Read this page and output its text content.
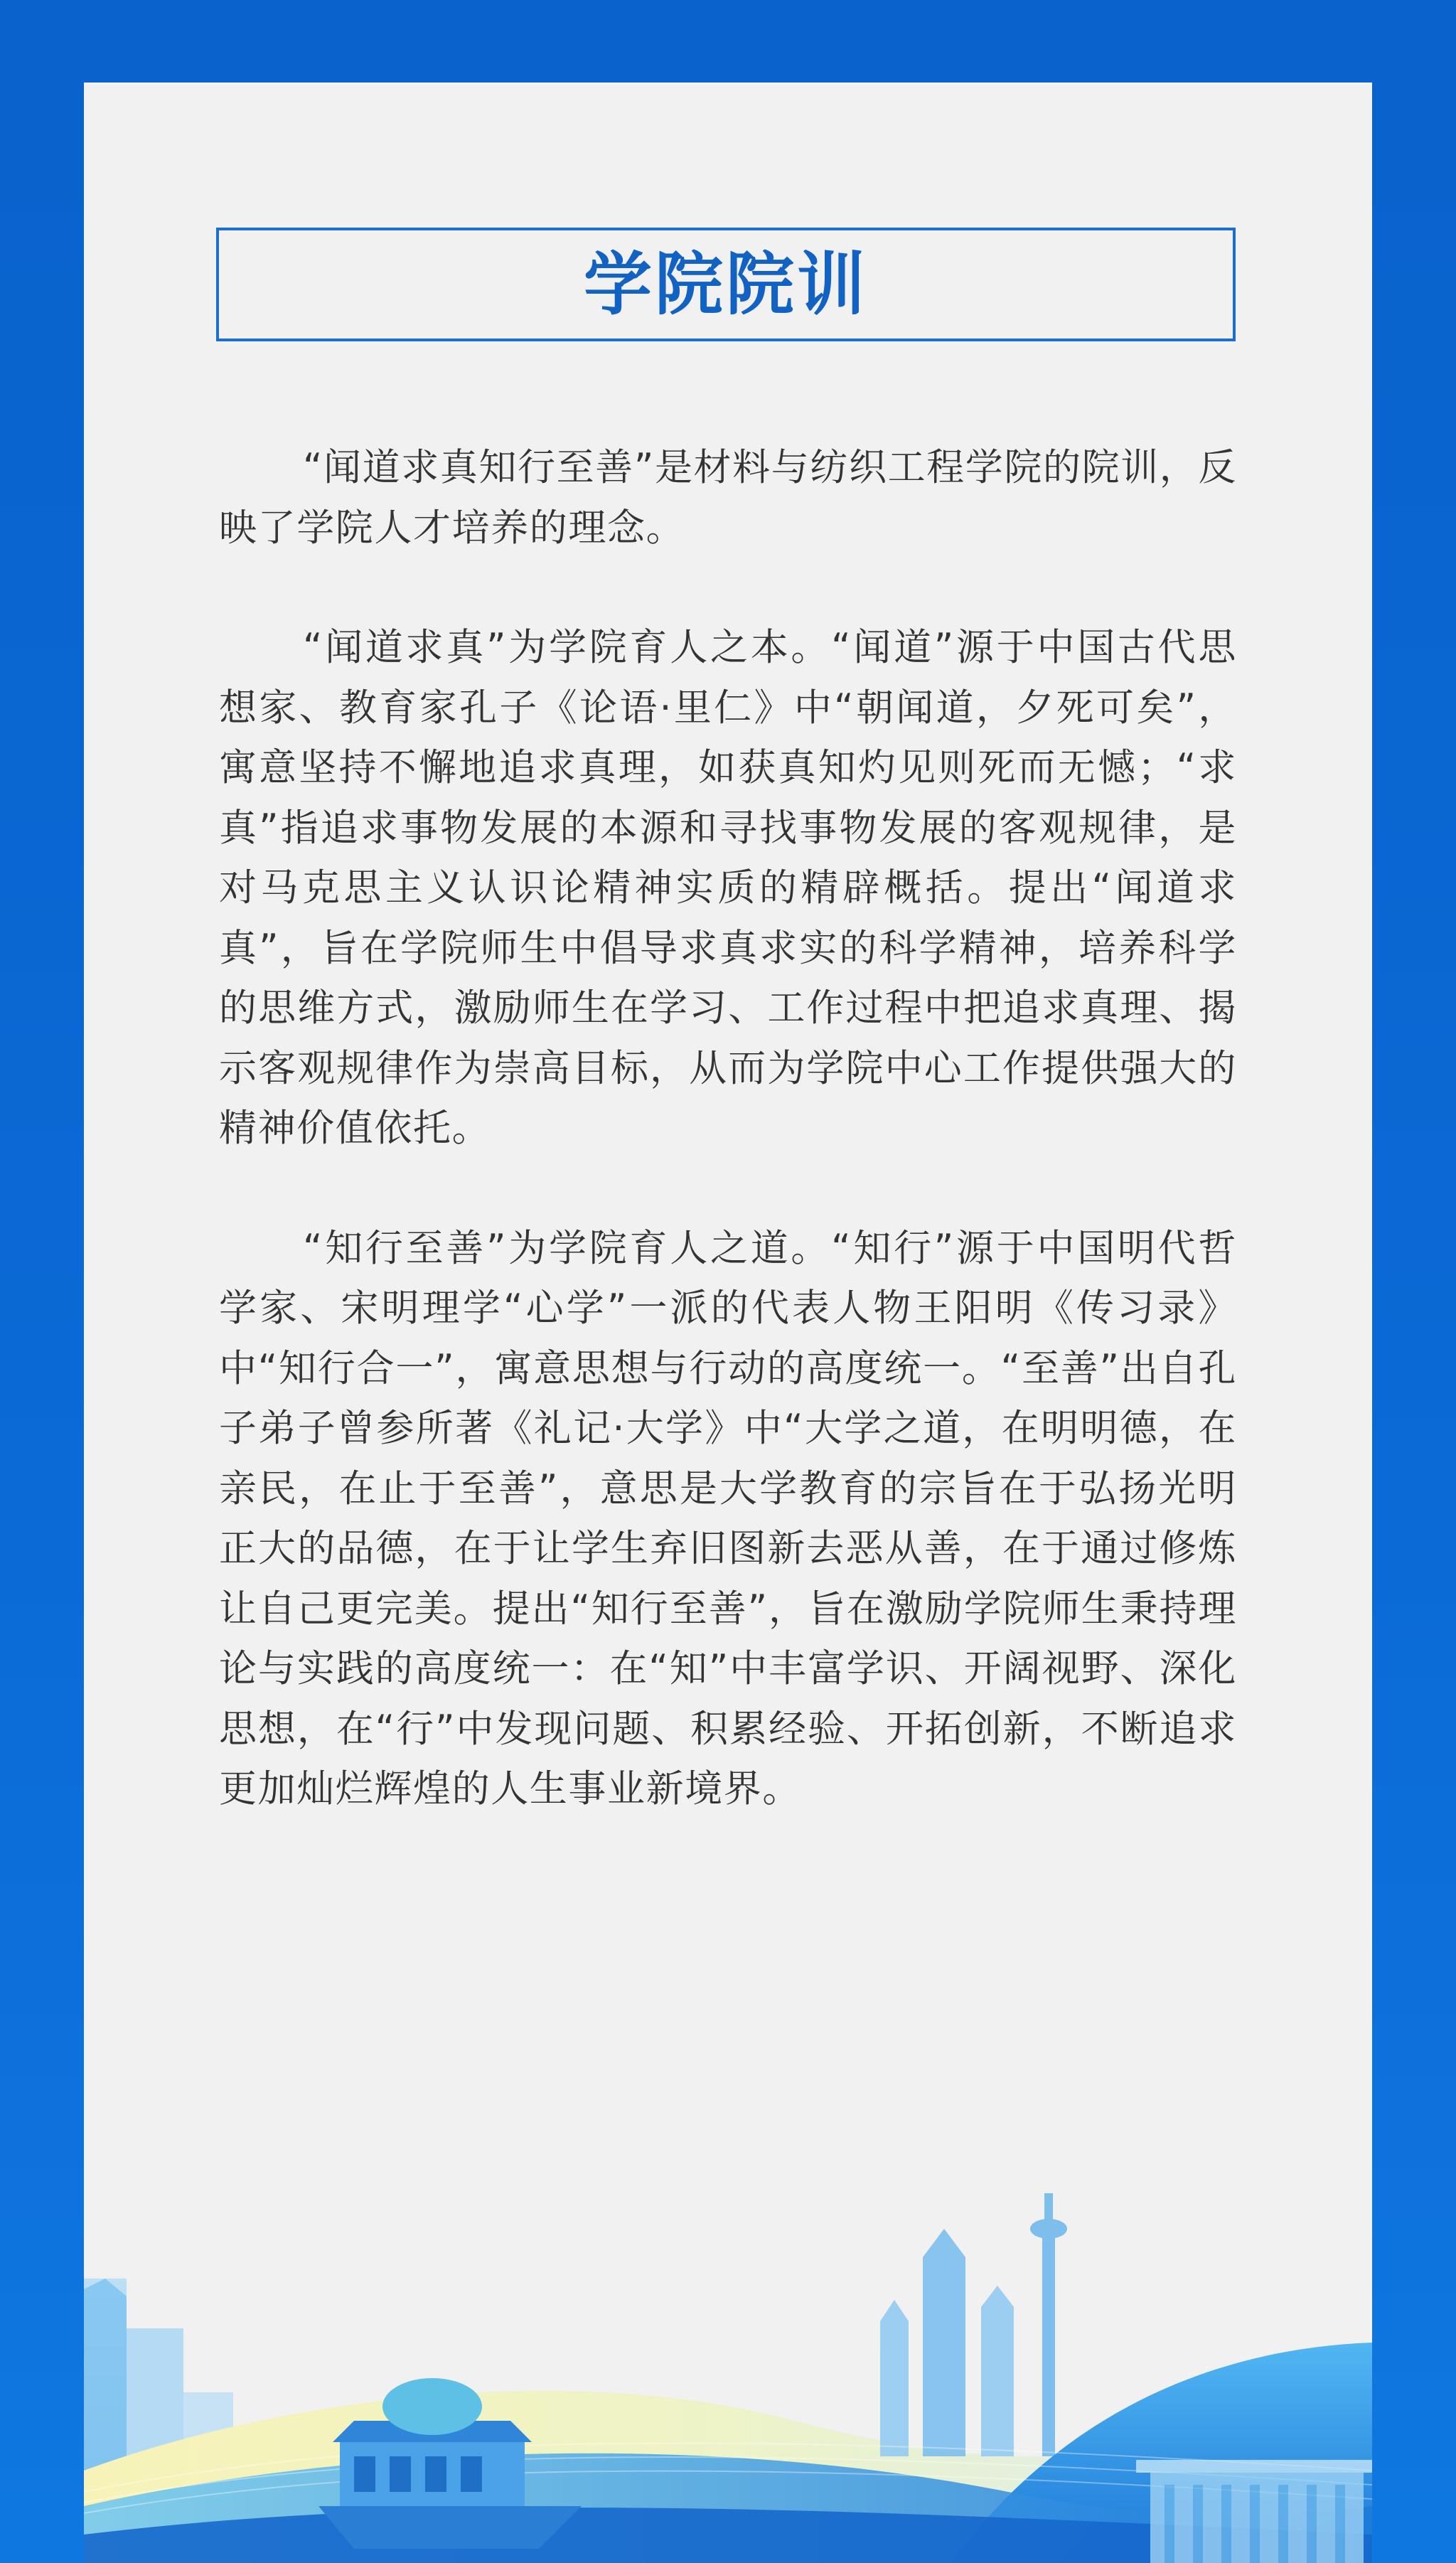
学院院训

“闻道求真知行至善”是材料与纺织工程学院的院训，反映了学院人才培养的理念。

“闻道求真”为学院育人之本。“闻道”源于中国古代思想家、教育家孔子《论语·里仁》中“朝闻道，夕死可矣”，寓意坚持不懈地追求真理，如获真知灼见则死而无憾；“求真”指追求事物发展的本源和寻找事物发展的客观规律，是对马克思主义认识论精神实质的精辟概括。提出“闻道求真”，旨在学院师生中倡导求真求实的科学精神，培养科学的思维方式，激励师生在学习、工作过程中把追求真理、揭示客观规律作为崇高目标，从而为学院中心工作提供强大的精神价值依托。

“知行至善”为学院育人之道。“知行”源于中国明代哲学家、宋明理学“心学”一派的代表人物王阳明《传习录》中“知行合一”，寓意思想与行动的高度统一。“至善”出自孔子弟子曾参所著《礼记·大学》中“大学之道，在明明德，在亲民，在止于至善”，意思是大学教育的宗旨在于弘扬光明正大的品德，在于让学生弃旧图新去恶从善，在于通过修炼让自己更完美。提出“知行至善”，旨在激励学院师生秉持理论与实践的高度统一：在“知”中丰富学识、开阔视野、深化思想，在“行”中发现问题、积累经验、开拓创新，不断追求更加灿烂辉煌的人生事业新境界。
